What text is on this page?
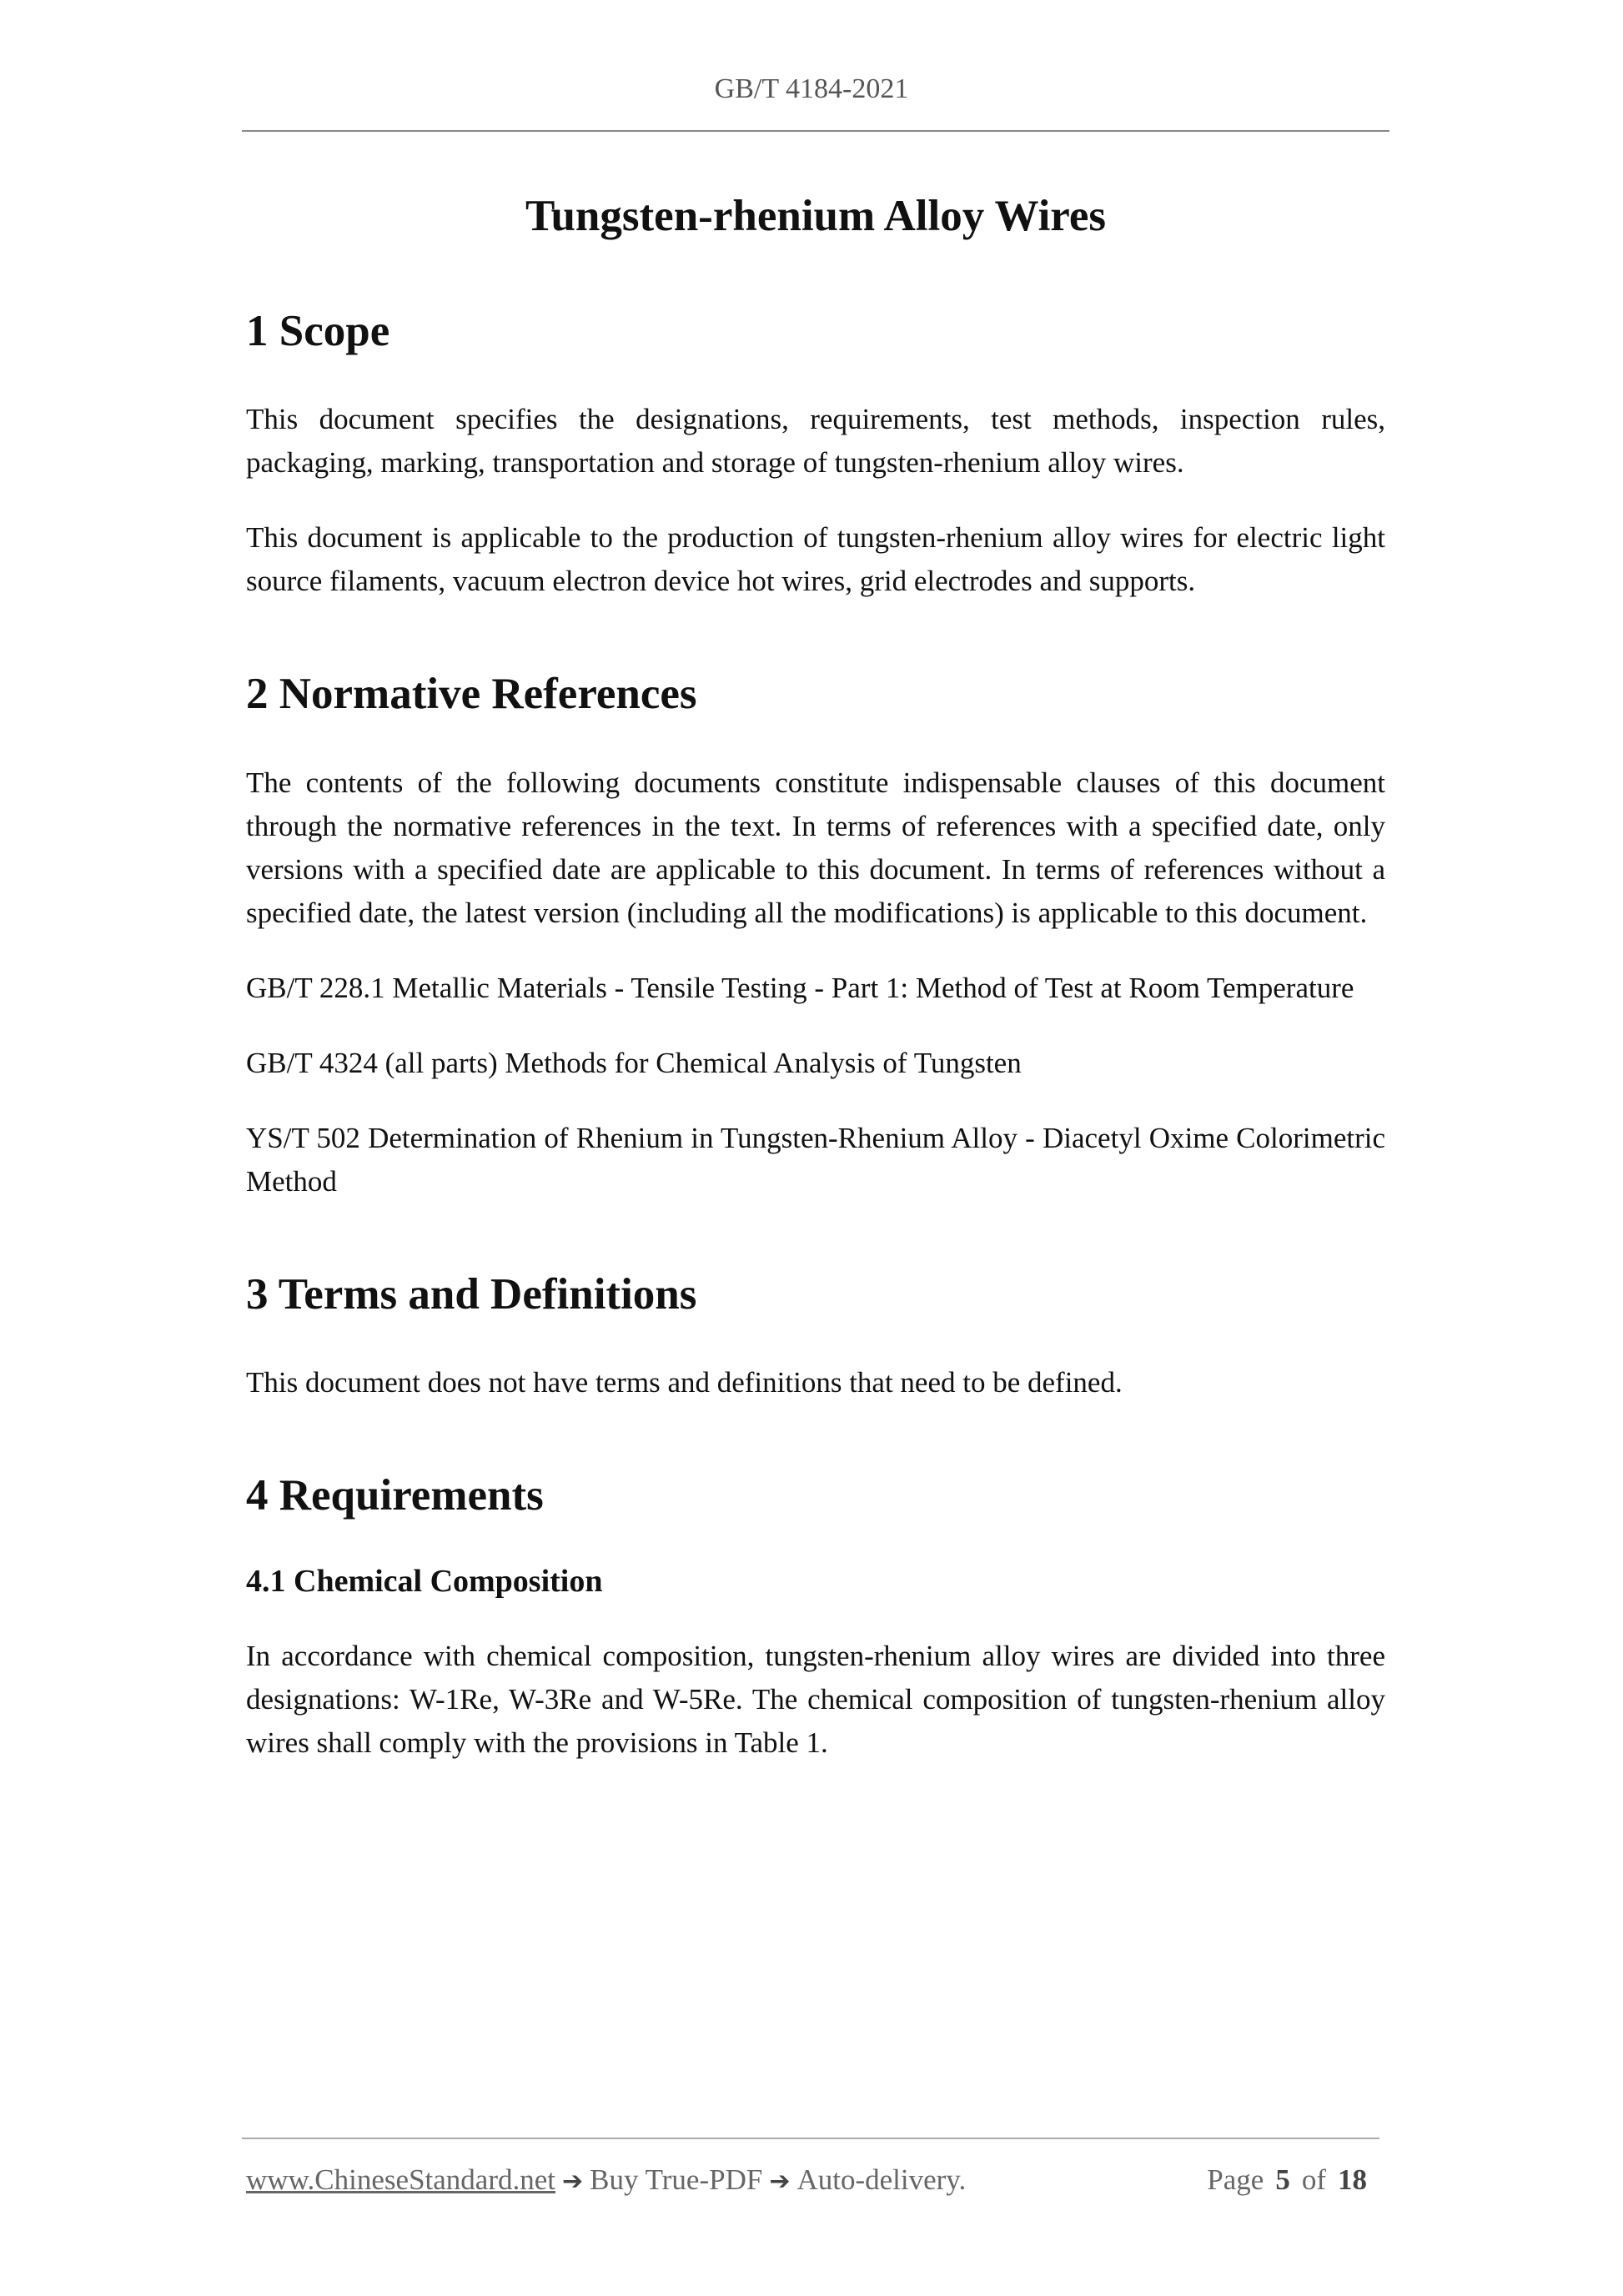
GB/T 4184-2021
Tungsten-rhenium Alloy Wires
1 Scope

This document specifies the designations, requirements, test methods, inspection rules, packaging, marking, transportation and storage of tungsten-rhenium alloy wires.

This document is applicable to the production of tungsten-rhenium alloy wires for electric light source filaments, vacuum electron device hot wires, grid electrodes and supports.

2 Normative References

The contents of the following documents constitute indispensable clauses of this document through the normative references in the text. In terms of references with a specified date, only versions with a specified date are applicable to this document. In terms of references without a specified date, the latest version (including all the modifications) is applicable to this document.

GB/T 228.1 Metallic Materials - Tensile Testing - Part 1: Method of Test at Room Temperature

GB/T 4324 (all parts) Methods for Chemical Analysis of Tungsten

YS/T 502 Determination of Rhenium in Tungsten-Rhenium Alloy - Diacetyl Oxime Colorimetric Method

3 Terms and Definitions

This document does not have terms and definitions that need to be defined.

4 Requirements
4.1 Chemical Composition

In accordance with chemical composition, tungsten-rhenium alloy wires are divided into three designations: W-1Re, W-3Re and W-5Re. The chemical composition of tungsten-rhenium alloy wires shall comply with the provisions in Table 1.

www.ChineseStandard.net ➔ Buy True-PDF ➔ Auto-delivery.	Page 5 of 18
